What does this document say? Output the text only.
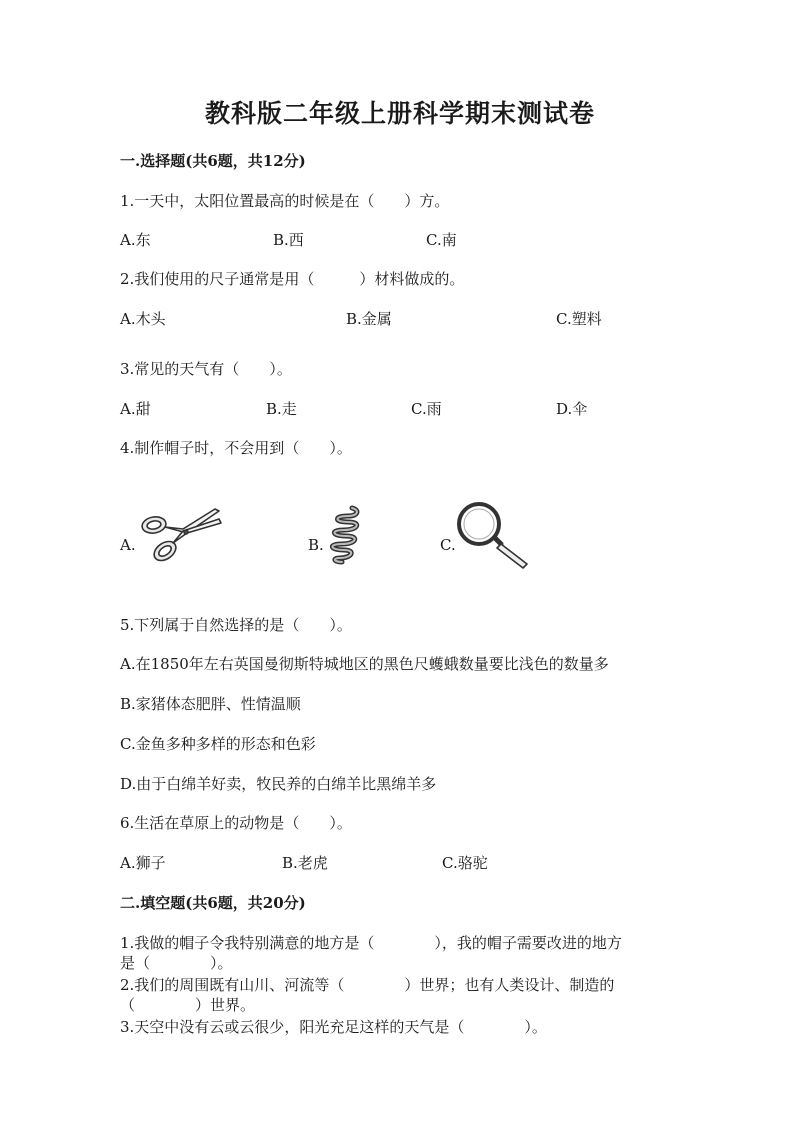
教科版二年级上册科学期末测试卷
一.选择题(共6题，共12分)
1.一天中，太阳位置最高的时候是在（　　）方。
A.东	B.西	C.南
2.我们使用的尺子通常是用（　　　）材料做成的。
A.木头	B.金属	C.塑料
3.常见的天气有（　　）。
A.甜	B.走	C.雨	D.伞
4.制作帽子时，不会用到（　　）。
A.	B.	C.
5.下列属于自然选择的是（　　）。
A.在1850年左右英国曼彻斯特城地区的黑色尺蠖蛾数量要比浅色的数量多
B.家猪体态肥胖、性情温顺
C.金鱼多种多样的形态和色彩
D.由于白绵羊好卖，牧民养的白绵羊比黑绵羊多
6.生活在草原上的动物是（　　）。
A.狮子	B.老虎	C.骆驼
二.填空题(共6题，共20分)
1.我做的帽子令我特别满意的地方是（　　　　），我的帽子需要改进的地方
是（　　　　）。
2.我们的周围既有山川、河流等（　　　　）世界；也有人类设计、制造的
（　　　　）世界。
3.天空中没有云或云很少，阳光充足这样的天气是（　　　　）。
